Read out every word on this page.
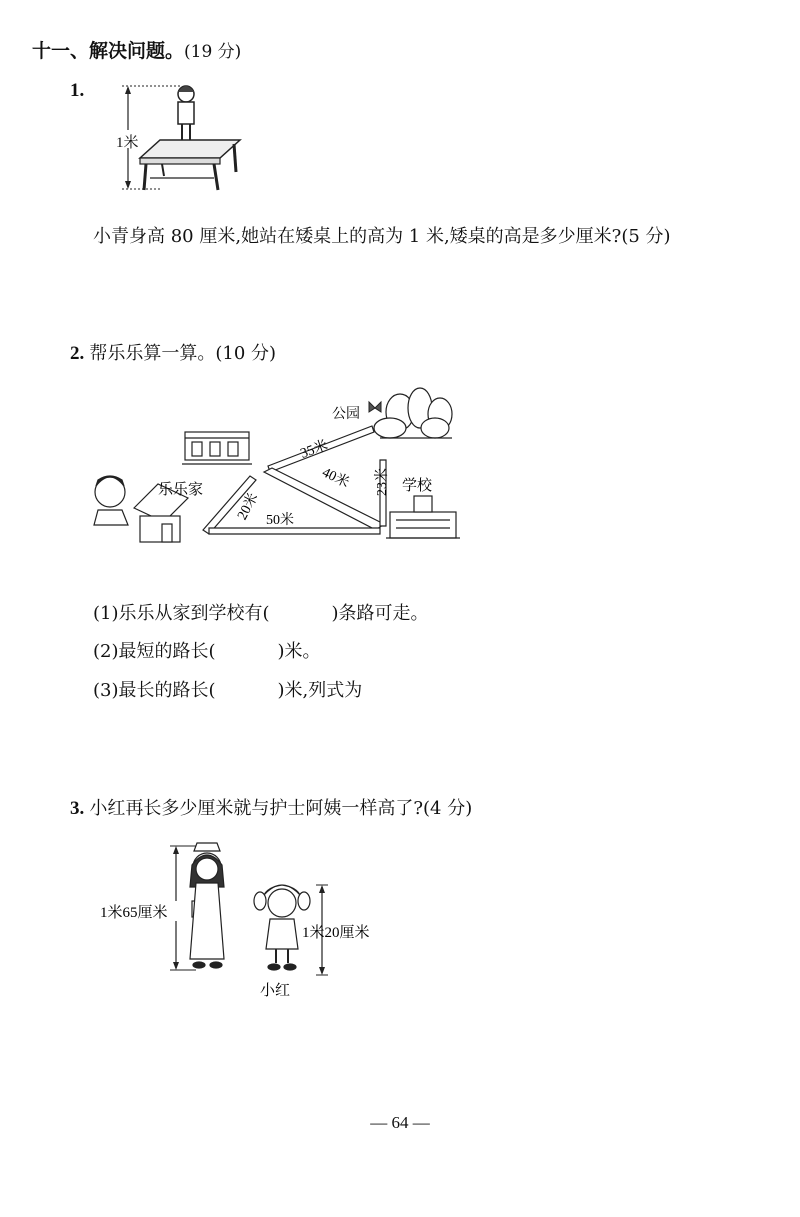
十一、解决问题。(19 分)
1.
1米
小青身高 80 厘米,她站在矮桌上的高为 1 米,矮桌的高是多少厘米?(5 分)
2. 帮乐乐算一算。(10 分)
公园
乐乐家	学校
35米
40米 23米
20米 50米
(1)乐乐从家到学校有(	)条路可走。
(2)最短的路长(	)米。
(3)最长的路长(	)米,列式为
3. 小红再长多少厘米就与护士阿姨一样高了?(4 分)
1米65厘米
1米20厘米
小红
— 64 —
